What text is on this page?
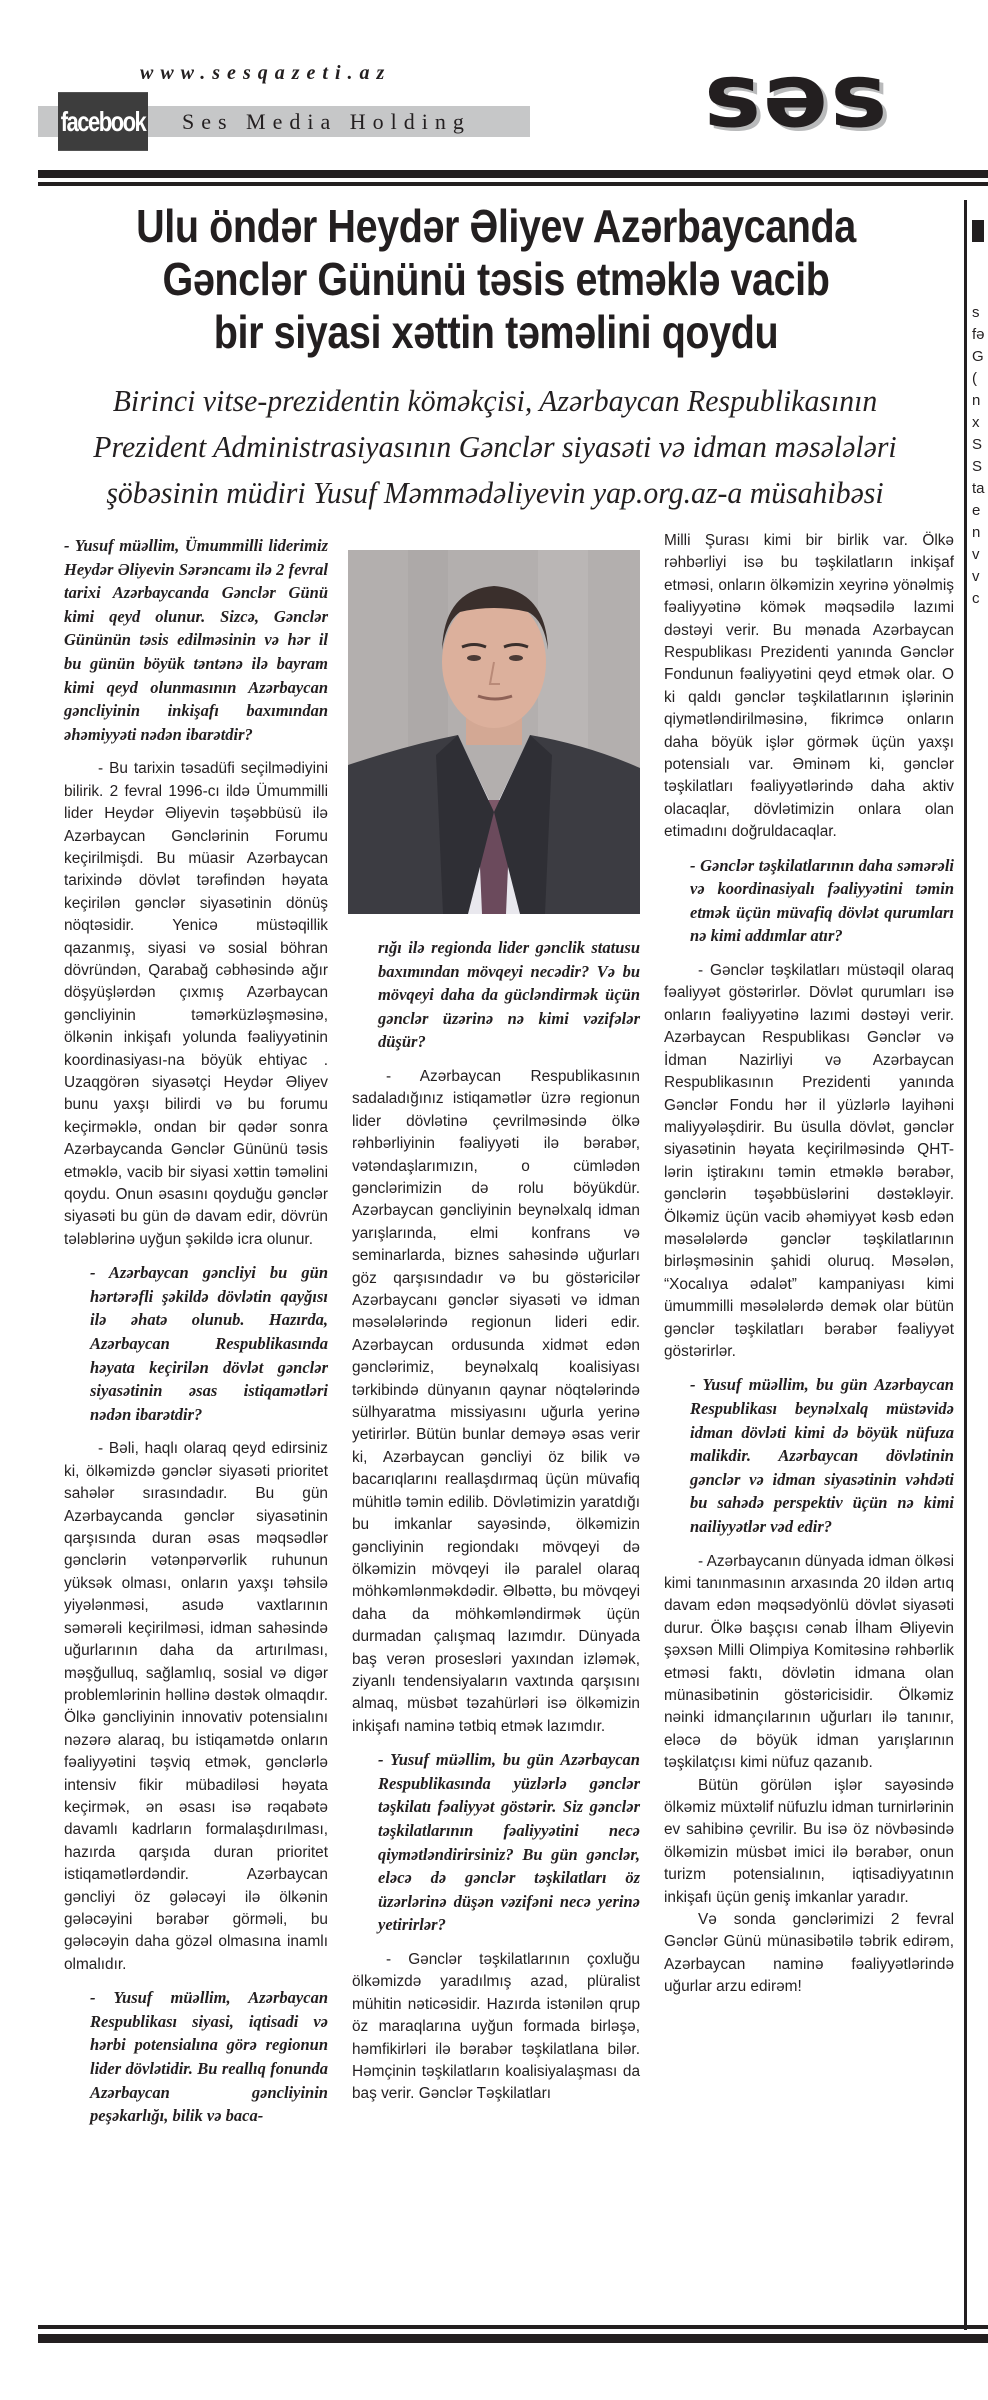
www.sesqazeti.az
facebook Ses Media Holding səs
Ulu öndər Heydər Əliyev Azərbaycanda
Gənclər Gününü təsis etməklə vacib
bir siyasi xəttin təməlini qoydu
Birinci vitse-prezidentin köməkçisi, Azərbaycan Respublikasının
Prezident Administrasiyasının Gənclər siyasəti və idman məsələləri
şöbəsinin müdiri Yusuf Məmmədəliyevin yap.org.az-a müsahibəsi

- Yusuf müəllim, Ümummilli liderimiz Heydər Əliyevin Sərəncamı ilə 2 fevral tarixi Azərbaycanda Gənclər Günü kimi qeyd olunur. Sizcə, Gənclər Gününün təsis edilməsinin və hər il bu günün böyük təntənə ilə bayram kimi qeyd olunmasının Azərbaycan gəncliyinin inkişafı baxımından əhəmiyyəti nədən ibarətdir?

- Bu tarixin təsadüfi seçilmədiyini bilirik. 2 fevral 1996-cı ildə Ümummilli lider Heydər Əliyevin təşəbbüsü ilə Azərbaycan Gənclərinin Forumu keçirilmişdi. Bu müasir Azərbaycan tarixində dövlət tərəfindən həyata keçirilən gənclər siyasətinin dönüş nöqtəsidir. Yenicə müstəqillik qazanmış, siyasi və sosial böhran dövründən, Qarabağ cəbhəsində ağır döşyüşlərdən çıxmış Azərbaycan gəncliyinin təmərküzləşməsinə, ölkənin inkişafı yolunda fəaliyyətinin koordinasiyası-na böyük ehtiyac . Uzaqgörən siyasətçi Heydər Əliyev bunu yaxşı bilirdi və bu forumu keçirməklə, ondan bir qədər sonra Azərbaycanda Gənclər Gününü təsis etməklə, vacib bir siyasi xəttin təməlini qoydu. Onun əsasını qoyduğu gənclər siyasəti bu gün də davam edir, dövrün tələblərinə uyğun şəkildə icra olunur.

- Azərbaycan gəncliyi bu gün hərtərəfli şəkildə dövlətin qayğısı ilə əhatə olunub. Hazırda, Azərbaycan Respublikasında həyata keçirilən dövlət gənclər siyasətinin əsas istiqamətləri nədən ibarətdir?

- Bəli, haqlı olaraq qeyd edirsiniz ki, ölkəmizdə gənclər siyasəti prioritet sahələr sırasındadır. Bu gün Azərbaycanda gənclər siyasətinin qarşısında duran əsas məqsədlər gənclərin vətənpərvərlik ruhunun yüksək olması, onların yaxşı təhsilə yiyələnməsi, asudə vaxtlarının səmərəli keçirilməsi, idman sahəsində uğurlarının daha da artırılması, məşğulluq, sağlamlıq, sosial və digər problemlərinin həllinə dəstək olmaqdır. Ölkə gəncliyinin innovativ potensialını nəzərə alaraq, bu istiqamətdə onların fəaliyyətini təşviq etmək, gənclərlə intensiv fikir mübadiləsi həyata keçirmək, ən əsası isə rəqabətə davamlı kadrların formalaşdırılması, hazırda qarşıda duran prioritet istiqamətlərdəndir. Azərbaycan gəncliyi öz gələcəyi ilə ölkənin gələcəyini bərabər görməli, bu gələcəyin daha gözəl olmasına inamlı olmalıdır.

- Yusuf müəllim, Azərbaycan Respublikası siyasi, iqtisadi və hərbi potensialına görə regionun lider dövlətidir. Bu reallıq fonunda Azərbaycan gəncliyinin peşəkarlığı, bilik və baca-

rığı ilə regionda lider gənclik statusu baxımından mövqeyi necədir? Və bu mövqeyi daha da gücləndirmək üçün gənclər üzərinə nə kimi vəzifələr düşür?

- Azərbaycan Respublikasının sadaladığınız istiqamətlər üzrə regionun lider dövlətinə çevrilməsində ölkə rəhbərliyinin fəaliyyəti ilə bərabər, vətəndaşlarımızın, o cümlədən gənclərimizin də rolu böyükdür. Azərbaycan gəncliyinin beynəlxalq idman yarışlarında, elmi konfrans və seminarlarda, biznes sahəsində uğurları göz qarşısındadır və bu göstəricilər Azərbaycanı gənclər siyasəti və idman məsələlərində regionun lideri edir. Azərbaycan ordusunda xidmət edən gənclərimiz, beynəlxalq koalisiyası tərkibində dünyanın qaynar nöqtələrində sülhyaratma missiyasını uğurla yerinə yetirirlər. Bütün bunlar deməyə əsas verir ki, Azərbaycan gəncliyi öz bilik və bacarıqlarını reallaşdırmaq üçün müvafiq mühitlə təmin edilib. Dövlətimizin yaratdığı bu imkanlar sayəsində, ölkəmizin gəncliyinin regiondakı mövqeyi də ölkəmizin mövqeyi ilə paralel olaraq möhkəmlənməkdədir. Əlbəttə, bu mövqeyi daha da möhkəmləndirmək üçün durmadan çalışmaq lazımdır. Dünyada baş verən prosesləri yaxından izləmək, ziyanlı tendensiyaların vaxtında qarşısını almaq, müsbət təzahürləri isə ölkəmizin inkişafı naminə tətbiq etmək lazımdır.

- Yusuf müəllim, bu gün Azərbaycan Respublikasında yüzlərlə gənclər təşkilatı fəaliyyət göstərir. Siz gənclər təşkilatlarının fəaliyyətini necə qiymətləndirirsiniz? Bu gün gənclər, eləcə də gənclər təşkilatları öz üzərlərinə düşən vəzifəni necə yerinə yetirirlər?

- Gənclər təşkilatlarının çoxluğu ölkəmizdə yaradılmış azad, plüralist mühitin nəticəsidir. Hazırda istənilən qrup öz maraqlarına uyğun formada birləşə, həmfikirləri ilə bərabər təşkilatlana bilər. Həmçinin təşkilatların koalisiyalaşması da baş verir. Gənclər Təşkilatları

Milli Şurası kimi bir birlik var. Ölkə rəhbərliyi isə bu təşkilatların inkişaf etməsi, onların ölkəmizin xeyrinə yönəlmiş fəaliyyətinə kömək məqsədilə lazımi dəstəyi verir. Bu mənada Azərbaycan Respublikası Prezidenti yanında Gənclər Fondunun fəaliyyətini qeyd etmək olar. O ki qaldı gənclər təşkilatlarının işlərinin qiymətləndirilməsinə, fikrimcə onların daha böyük işlər görmək üçün yaxşı potensialı var. Əminəm ki, gənclər təşkilatları fəaliyyətlərində daha aktiv olacaqlar, dövlətimizin onlara olan etimadını doğruldacaqlar.

- Gənclər təşkilatlarının daha səmərəli və koordinasiyalı fəaliyyətini təmin etmək üçün müvafiq dövlət qurumları nə kimi addımlar atır?

- Gənclər təşkilatları müstəqil olaraq fəaliyyət göstərirlər. Dövlət qurumları isə onların fəaliyyətinə lazımi dəstəyi verir. Azərbaycan Respublikası Gənclər və İdman Nazirliyi və Azərbaycan Respublikasının Prezidenti yanında Gənclər Fondu hər il yüzlərlə layihəni maliyyələşdirir. Bu üsulla dövlət, gənclər siyasətinin həyata keçirilməsində QHT-lərin iştirakını təmin etməklə bərabər, gənclərin təşəbbüslərini dəstəkləyir. Ölkəmiz üçün vacib əhəmiyyət kəsb edən məsələlərdə gənclər təşkilatlarının birləşməsinin şahidi oluruq. Məsələn, “Xocalıya ədalət” kampaniyası kimi ümummilli məsələlərdə demək olar bütün gənclər təşkilatları bərabər fəaliyyət göstərirlər.

- Yusuf müəllim, bu gün Azərbaycan Respublikası beynəlxalq müstəvidə idman dövləti kimi də böyük nüfuza malikdir. Azərbaycan dövlətinin gənclər və idman siyasətinin vəhdəti bu sahədə perspektiv üçün nə kimi nailiyyətlər vəd edir?

- Azərbaycanın dünyada idman ölkəsi kimi tanınmasının arxasında 20 ildən artıq davam edən məqsədyönlü dövlət siyasəti durur. Ölkə başçısı cənab İlham Əliyevin şəxsən Milli Olimpiya Komitəsinə rəhbərlik etməsi faktı, dövlətin idmana olan münasibətinin göstəricisidir. Ölkəmiz nəinki idmançılarının uğurları ilə tanınır, eləcə də böyük idman yarışlarının təşkilatçısı kimi nüfuz qazanıb.

Bütün görülən işlər sayəsində ölkəmiz müxtəlif nüfuzlu idman turnirlərinin ev sahibinə çevrilir. Bu isə öz növbəsində ölkəmizin müsbət imici ilə bərabər, onun turizm potensialının, iqtisadiyyatının inkişafı üçün geniş imkanlar yaradır.

Və sonda gənclərimizi 2 fevral Gənclər Günü münasibətilə təbrik edirəm, Azərbaycan naminə fəaliyyətlərində uğurlar arzu edirəm!

s
fə
G
(
n
x
S
S
ta
e
n
v
v
c
